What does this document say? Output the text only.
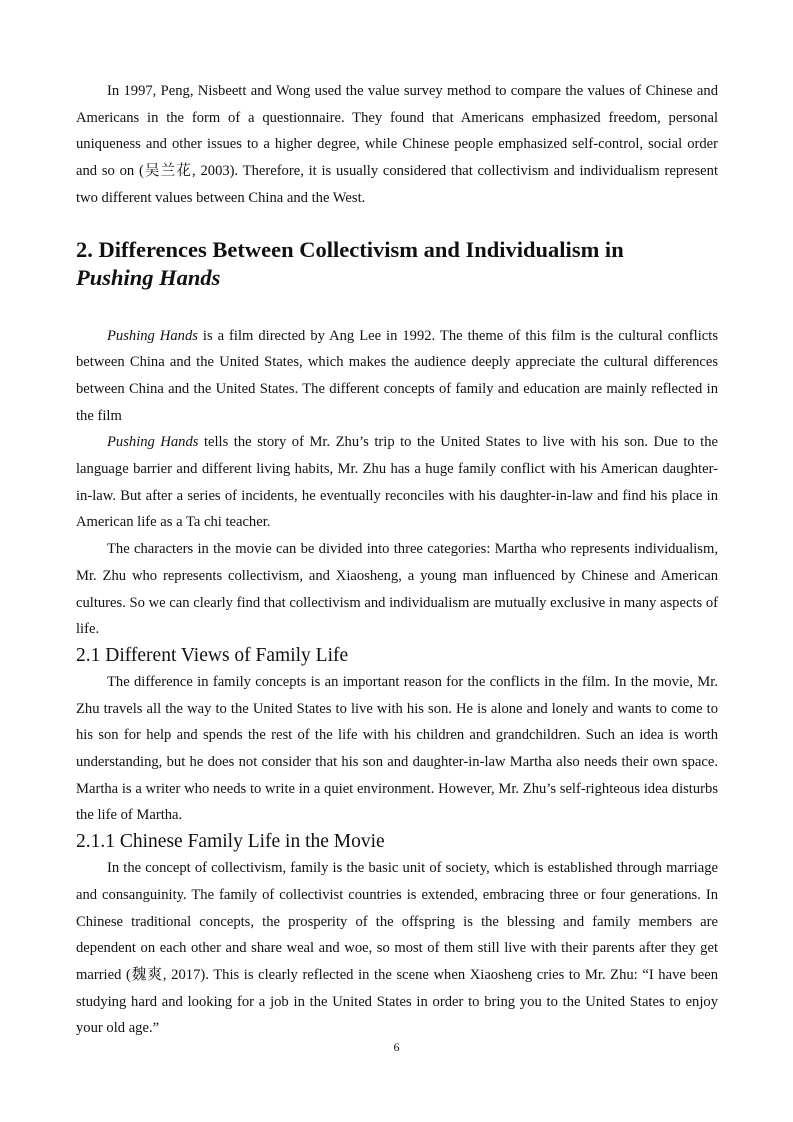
In 1997, Peng, Nisbeett and Wong used the value survey method to compare the values of Chinese and Americans in the form of a questionnaire. They found that Americans emphasized freedom, personal uniqueness and other issues to a higher degree, while Chinese people emphasized self-control, social order and so on (吴兰花, 2003). Therefore, it is usually considered that collectivism and individualism represent two different values between China and the West.

2. Differences Between Collectivism and Individualism in
Pushing Hands

Pushing Hands is a film directed by Ang Lee in 1992. The theme of this film is the cultural conflicts between China and the United States, which makes the audience deeply appreciate the cultural differences between China and the United States. The different concepts of family and education are mainly reflected in the film

Pushing Hands tells the story of Mr. Zhu’s trip to the United States to live with his son. Due to the language barrier and different living habits, Mr. Zhu has a huge family conflict with his American daughter-in-law. But after a series of incidents, he eventually reconciles with his daughter-in-law and find his place in American life as a Ta chi teacher.

The characters in the movie can be divided into three categories: Martha who represents individualism, Mr. Zhu who represents collectivism, and Xiaosheng, a young man influenced by Chinese and American cultures. So we can clearly find that collectivism and individualism are mutually exclusive in many aspects of life.

2.1 Different Views of Family Life

The difference in family concepts is an important reason for the conflicts in the film. In the movie, Mr. Zhu travels all the way to the United States to live with his son. He is alone and lonely and wants to come to his son for help and spends the rest of the life with his children and grandchildren. Such an idea is worth understanding, but he does not consider that his son and daughter-in-law Martha also needs their own space. Martha is a writer who needs to write in a quiet environment. However, Mr. Zhu’s self-righteous idea disturbs the life of Martha.

2.1.1 Chinese Family Life in the Movie

In the concept of collectivism, family is the basic unit of society, which is established through marriage and consanguinity. The family of collectivist countries is extended, embracing three or four generations. In Chinese traditional concepts, the prosperity of the offspring is the blessing and family members are dependent on each other and share weal and woe, so most of them still live with their parents after they get married (魏爽, 2017). This is clearly reflected in the scene when Xiaosheng cries to Mr. Zhu: “I have been studying hard and looking for a job in the United States in order to bring you to the United States to enjoy your old age.”

6
